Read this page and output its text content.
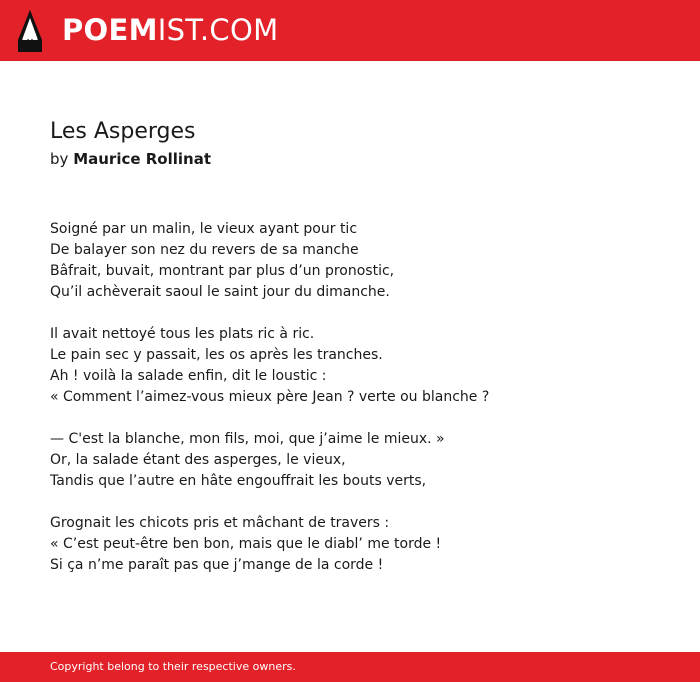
POEMIST.COM
Les Asperges
by Maurice Rollinat
Soigné par un malin, le vieux ayant pour tic
De balayer son nez du revers de sa manche
Bâfrait, buvait, montrant par plus d’un pronostic,
Qu’il achèverait saoul le saint jour du dimanche.
Il avait nettoyé tous les plats ric à ric.
Le pain sec y passait, les os après les tranches.
Ah ! voilà la salade enfin, dit le loustic :
« Comment l’aimez-vous mieux père Jean ? verte ou blanche ?
— C'est la blanche, mon fils, moi, que j’aime le mieux. »
Or, la salade étant des asperges, le vieux,
Tandis que l’autre en hâte engouffrait les bouts verts,
Grognait les chicots pris et mâchant de travers :
« C’est peut-être ben bon, mais que le diabl’ me torde !
Si ça n’me paraît pas que j’mange de la corde !
Copyright belong to their respective owners.
